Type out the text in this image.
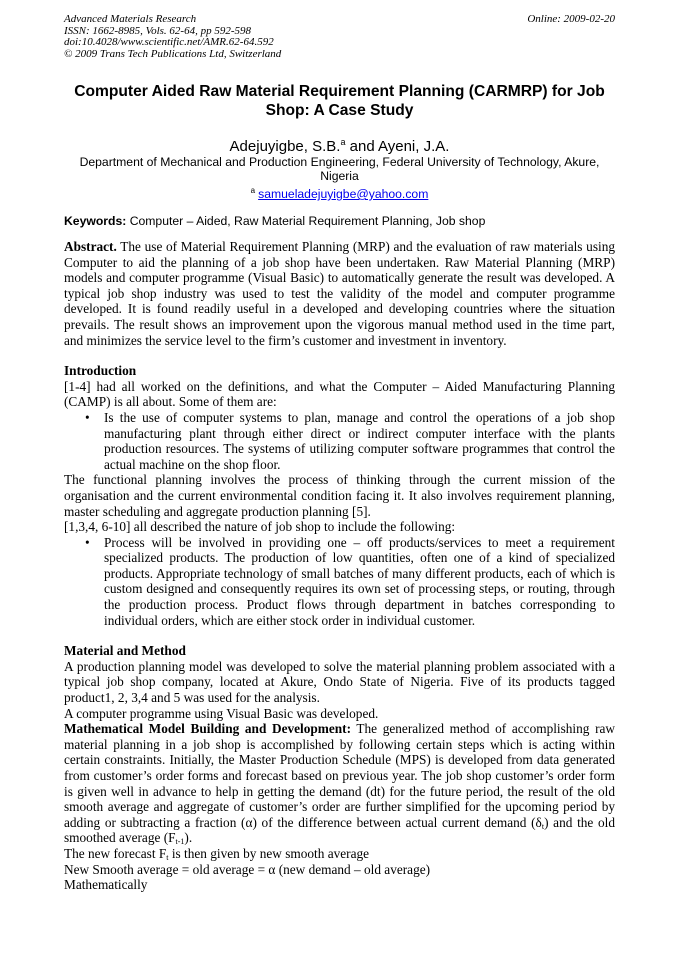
Advanced Materials Research
ISSN: 1662-8985, Vols. 62-64, pp 592-598
doi:10.4028/www.scientific.net/AMR.62-64.592
© 2009 Trans Tech Publications Ltd, Switzerland
Online: 2009-02-20
Computer Aided Raw Material Requirement Planning (CARMRP) for Job
Shop: A Case Study
Adejuyigbe, S.B.$^a$ and Ayeni, J.A.
Department of Mechanical and Production Engineering, Federal University of Technology, Akure,
Nigeria
$^a$ samueladejuyigbe@yahoo.com
Keywords: Computer – Aided, Raw Material Requirement Planning, Job shop
Abstract. The use of Material Requirement Planning (MRP) and the evaluation of raw materials using Computer to aid the planning of a job shop have been undertaken. Raw Material Planning (MRP) models and computer programme (Visual Basic) to automatically generate the result was developed. A typical job shop industry was used to test the validity of the model and computer programme developed. It is found readily useful in a developed and developing countries where the situation prevails. The result shows an improvement upon the vigorous manual method used in the time part, and minimizes the service level to the firm’s customer and investment in inventory.
Introduction
[1-4] had all worked on the definitions, and what the Computer – Aided Manufacturing Planning (CAMP) is all about. Some of them are:
• Is the use of computer systems to plan, manage and control the operations of a job shop manufacturing plant through either direct or indirect computer interface with the plants production resources. The systems of utilizing computer software programmes that control the actual machine on the shop floor.
The functional planning involves the process of thinking through the current mission of the organisation and the current environmental condition facing it. It also involves requirement planning, master scheduling and aggregate production planning [5].
[1,3,4, 6-10] all described the nature of job shop to include the following:
• Process will be involved in providing one – off products/services to meet a requirement specialized products. The production of low quantities, often one of a kind of specialized products. Appropriate technology of small batches of many different products, each of which is custom designed and consequently requires its own set of processing steps, or routing, through the production process. Product flows through department in batches corresponding to individual orders, which are either stock order in individual customer.
Material and Method
A production planning model was developed to solve the material planning problem associated with a typical job shop company, located at Akure, Ondo State of Nigeria. Five of its products tagged product1, 2, 3,4 and 5 was used for the analysis.
A computer programme using Visual Basic was developed.
Mathematical Model Building and Development: The generalized method of accomplishing raw material planning in a job shop is accomplished by following certain steps which is acting within certain constraints. Initially, the Master Production Schedule (MPS) is developed from data generated from customer’s order forms and forecast based on previous year. The job shop customer’s order form is given well in advance to help in getting the demand (dt) for the future period, the result of the old smooth average and aggregate of customer’s order are further simplified for the upcoming period by adding or subtracting a fraction (α) of the difference between actual current demand $(\delta_t)$ and the old smoothed average $(F_{t-1})$.
The new forecast $F_t$ is then given by new smooth average
New Smooth average = old average = α (new demand – old average)
Mathematically
